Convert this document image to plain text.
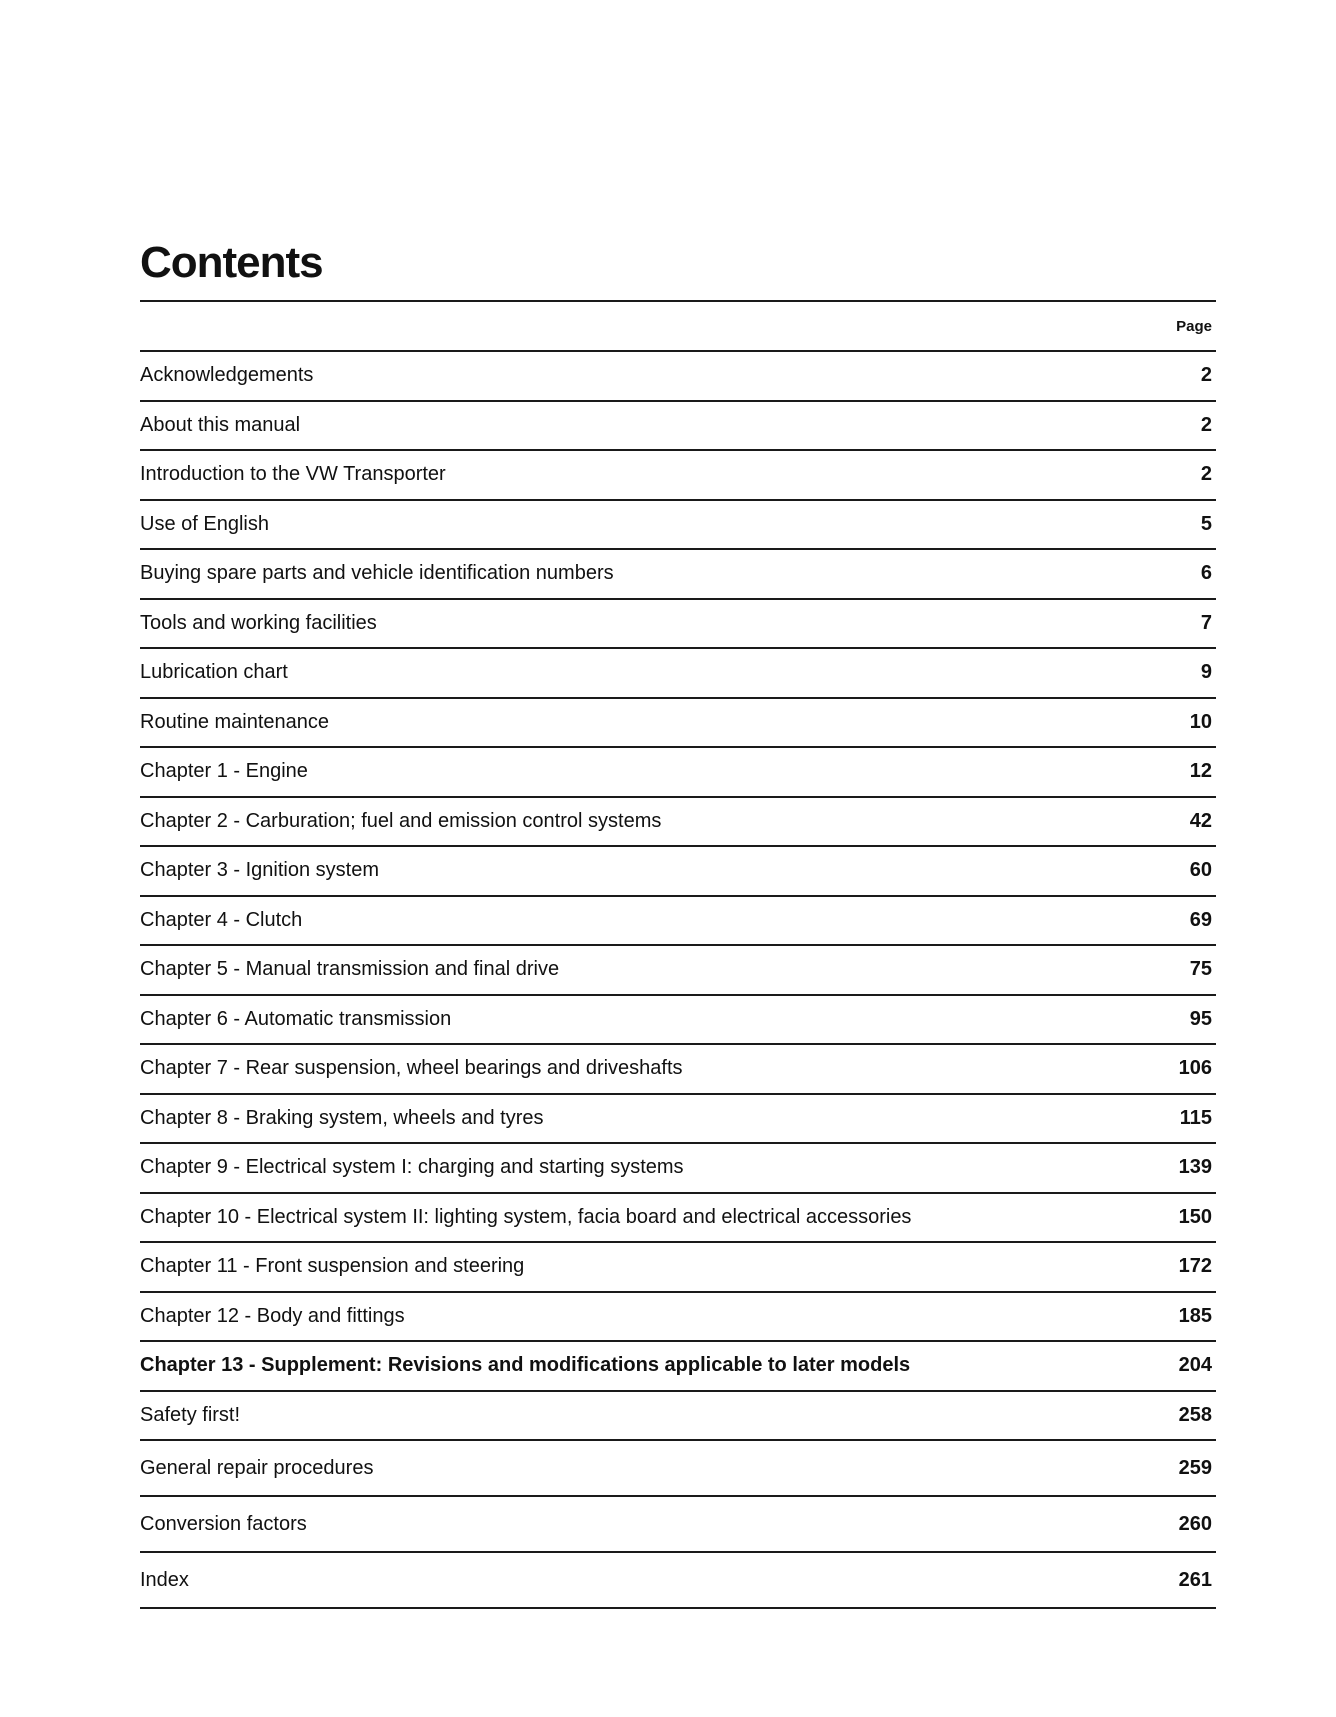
Contents
Page
Acknowledgements	2
About this manual	2
Introduction to the VW Transporter	2
Use of English	5
Buying spare parts and vehicle identification numbers	6
Tools and working facilities	7
Lubrication chart	9
Routine maintenance	10
Chapter 1 - Engine	12
Chapter 2 - Carburation; fuel and emission control systems	42
Chapter 3 - Ignition system	60
Chapter 4 - Clutch	69
Chapter 5 - Manual transmission and final drive	75
Chapter 6 - Automatic transmission	95
Chapter 7 - Rear suspension, wheel bearings and driveshafts	106
Chapter 8 - Braking system, wheels and tyres	115
Chapter 9 - Electrical system I: charging and starting systems	139
Chapter 10 - Electrical system II: lighting system, facia board and electrical accessories	150
Chapter 11 - Front suspension and steering	172
Chapter 12 - Body and fittings	185
Chapter 13 - Supplement: Revisions and modifications applicable to later models	204
Safety first!	258
General repair procedures	259
Conversion factors	260
Index	261
